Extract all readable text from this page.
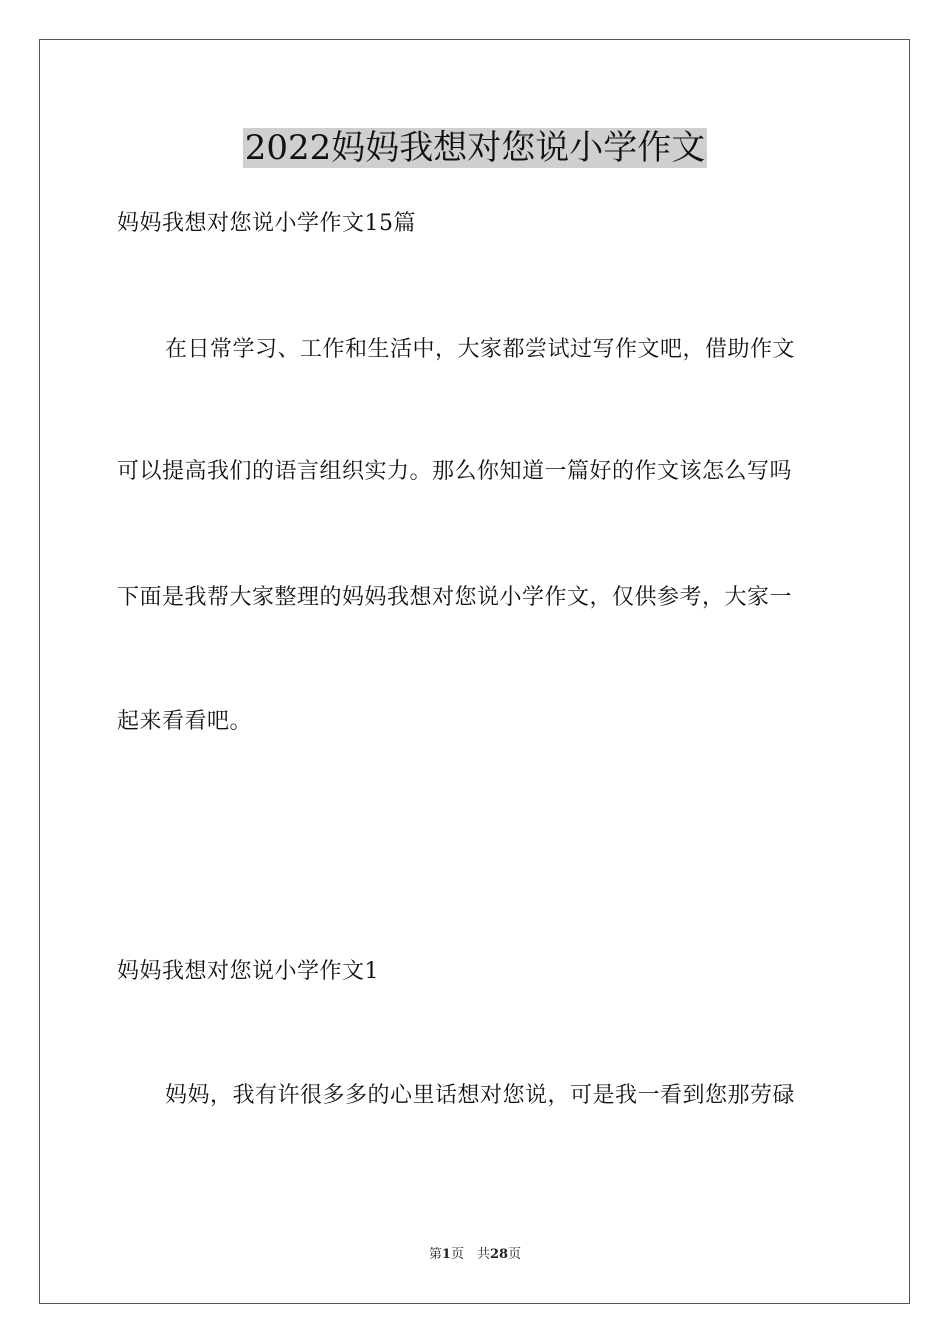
2022妈妈我想对您说小学作文
妈妈我想对您说小学作文15篇
在日常学习、工作和生活中，大家都尝试过写作文吧，借助作文
可以提高我们的语言组织实力。那么你知道一篇好的作文该怎么写吗
下面是我帮大家整理的妈妈我想对您说小学作文，仅供参考，大家一
起来看看吧。
妈妈我想对您说小学作文1
妈妈，我有许很多多的心里话想对您说，可是我一看到您那劳碌
第1页　共28页
